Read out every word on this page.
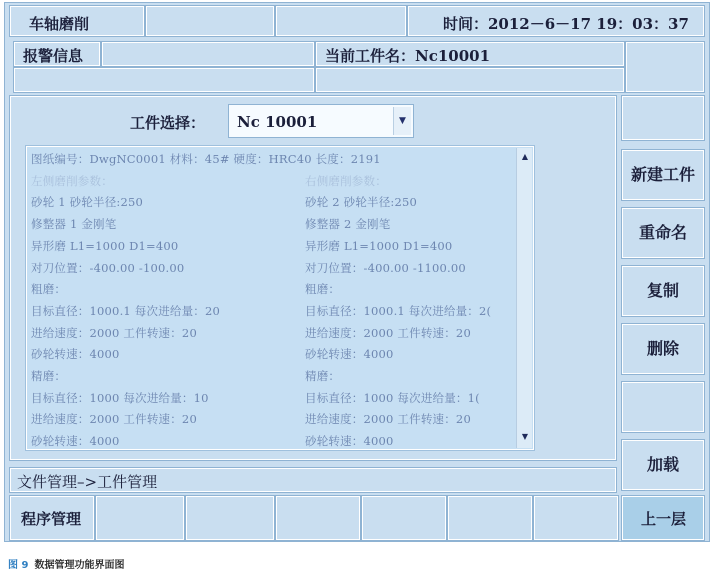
车轴磨削	时间：2012－6－17 19：03：37
报警信息	当前工件名：Nc10001
工件选择： Nc 10001	▼
图纸编号：DwgNC0001 材料：45# 硬度：HRC40 长度：2191
左侧磨削参数：	右侧磨削参数：
砂轮 1 砂轮半径:250	砂轮 2 砂轮半径:250
修整器 1 金刚笔	修整器 2 金刚笔
异形磨 L1=1000 D1=400	异形磨 L1=1000 D1=400
对刀位置：-400.00 -100.00	对刀位置：-400.00 -1100.00
粗磨：	粗磨：
目标直径：1000.1 每次进给量：20	目标直径：1000.1 每次进给量：2(
进给速度：2000 工件转速：20	进给速度：2000 工件转速：20
砂轮转速：4000	砂轮转速：4000
精磨：	精磨：
目标直径：1000 每次进给量：10	目标直径：1000 每次进给量：1(
进给速度：2000 工件转速：20	进给速度：2000 工件转速：20
砂轮转速：4000	砂轮转速：4000
▲
▼
新建工件
重命名
复制
删除
加载
文件管理–>工件管理
程序管理	上一层
图 9 数据管理功能界面图
